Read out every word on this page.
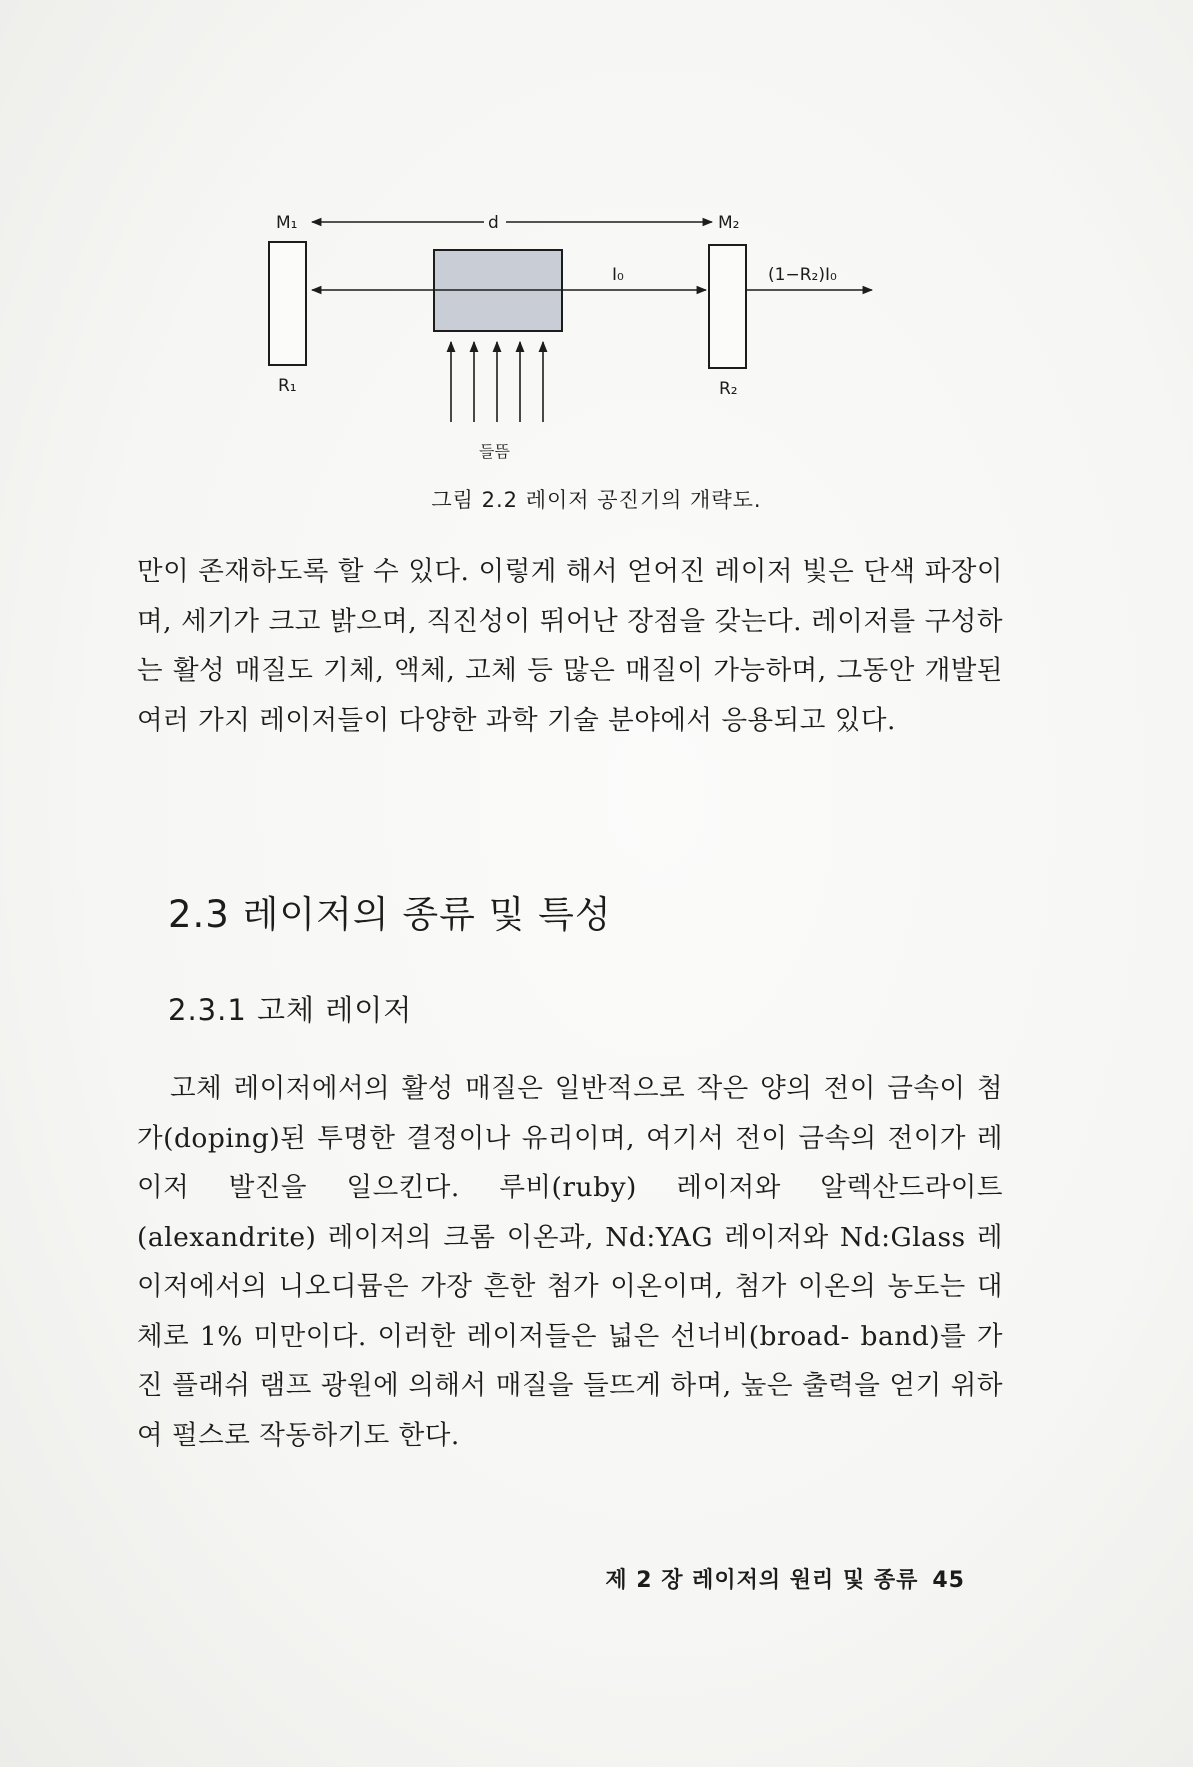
M₁	d	M₂
I₀	(1−R₂)I₀
R₁	R₂
들뜸
그림 2.2 레이저 공진기의 개략도.

만이 존재하도록 할 수 있다. 이렇게 해서 얻어진 레이저 빛은 단색 파장이며, 세기가 크고 밝으며, 직진성이 뛰어난 장점을 갖는다. 레이저를 구성하는 활성 매질도 기체, 액체, 고체 등 많은 매질이 가능하며, 그동안 개발된 여러 가지 레이저들이 다양한 과학 기술 분야에서 응용되고 있다.

2.3 레이저의 종류 및 특성
2.3.1 고체 레이저

고체 레이저에서의 활성 매질은 일반적으로 작은 양의 전이 금속이 첨가(doping)된 투명한 결정이나 유리이며, 여기서 전이 금속의 전이가 레이저 발진을 일으킨다. 루비(ruby) 레이저와 알렉산드라이트(alexandrite) 레이저의 크롬 이온과, Nd:YAG 레이저와 Nd:Glass 레이저에서의 니오디뮴은 가장 흔한 첨가 이온이며, 첨가 이온의 농도는 대체로 1% 미만이다. 이러한 레이저들은 넓은 선너비(broad- band)를 가진 플래쉬 램프 광원에 의해서 매질을 들뜨게 하며, 높은 출력을 얻기 위하여 펄스로 작동하기도 한다.

제 2 장 레이저의 원리 및 종류 45
